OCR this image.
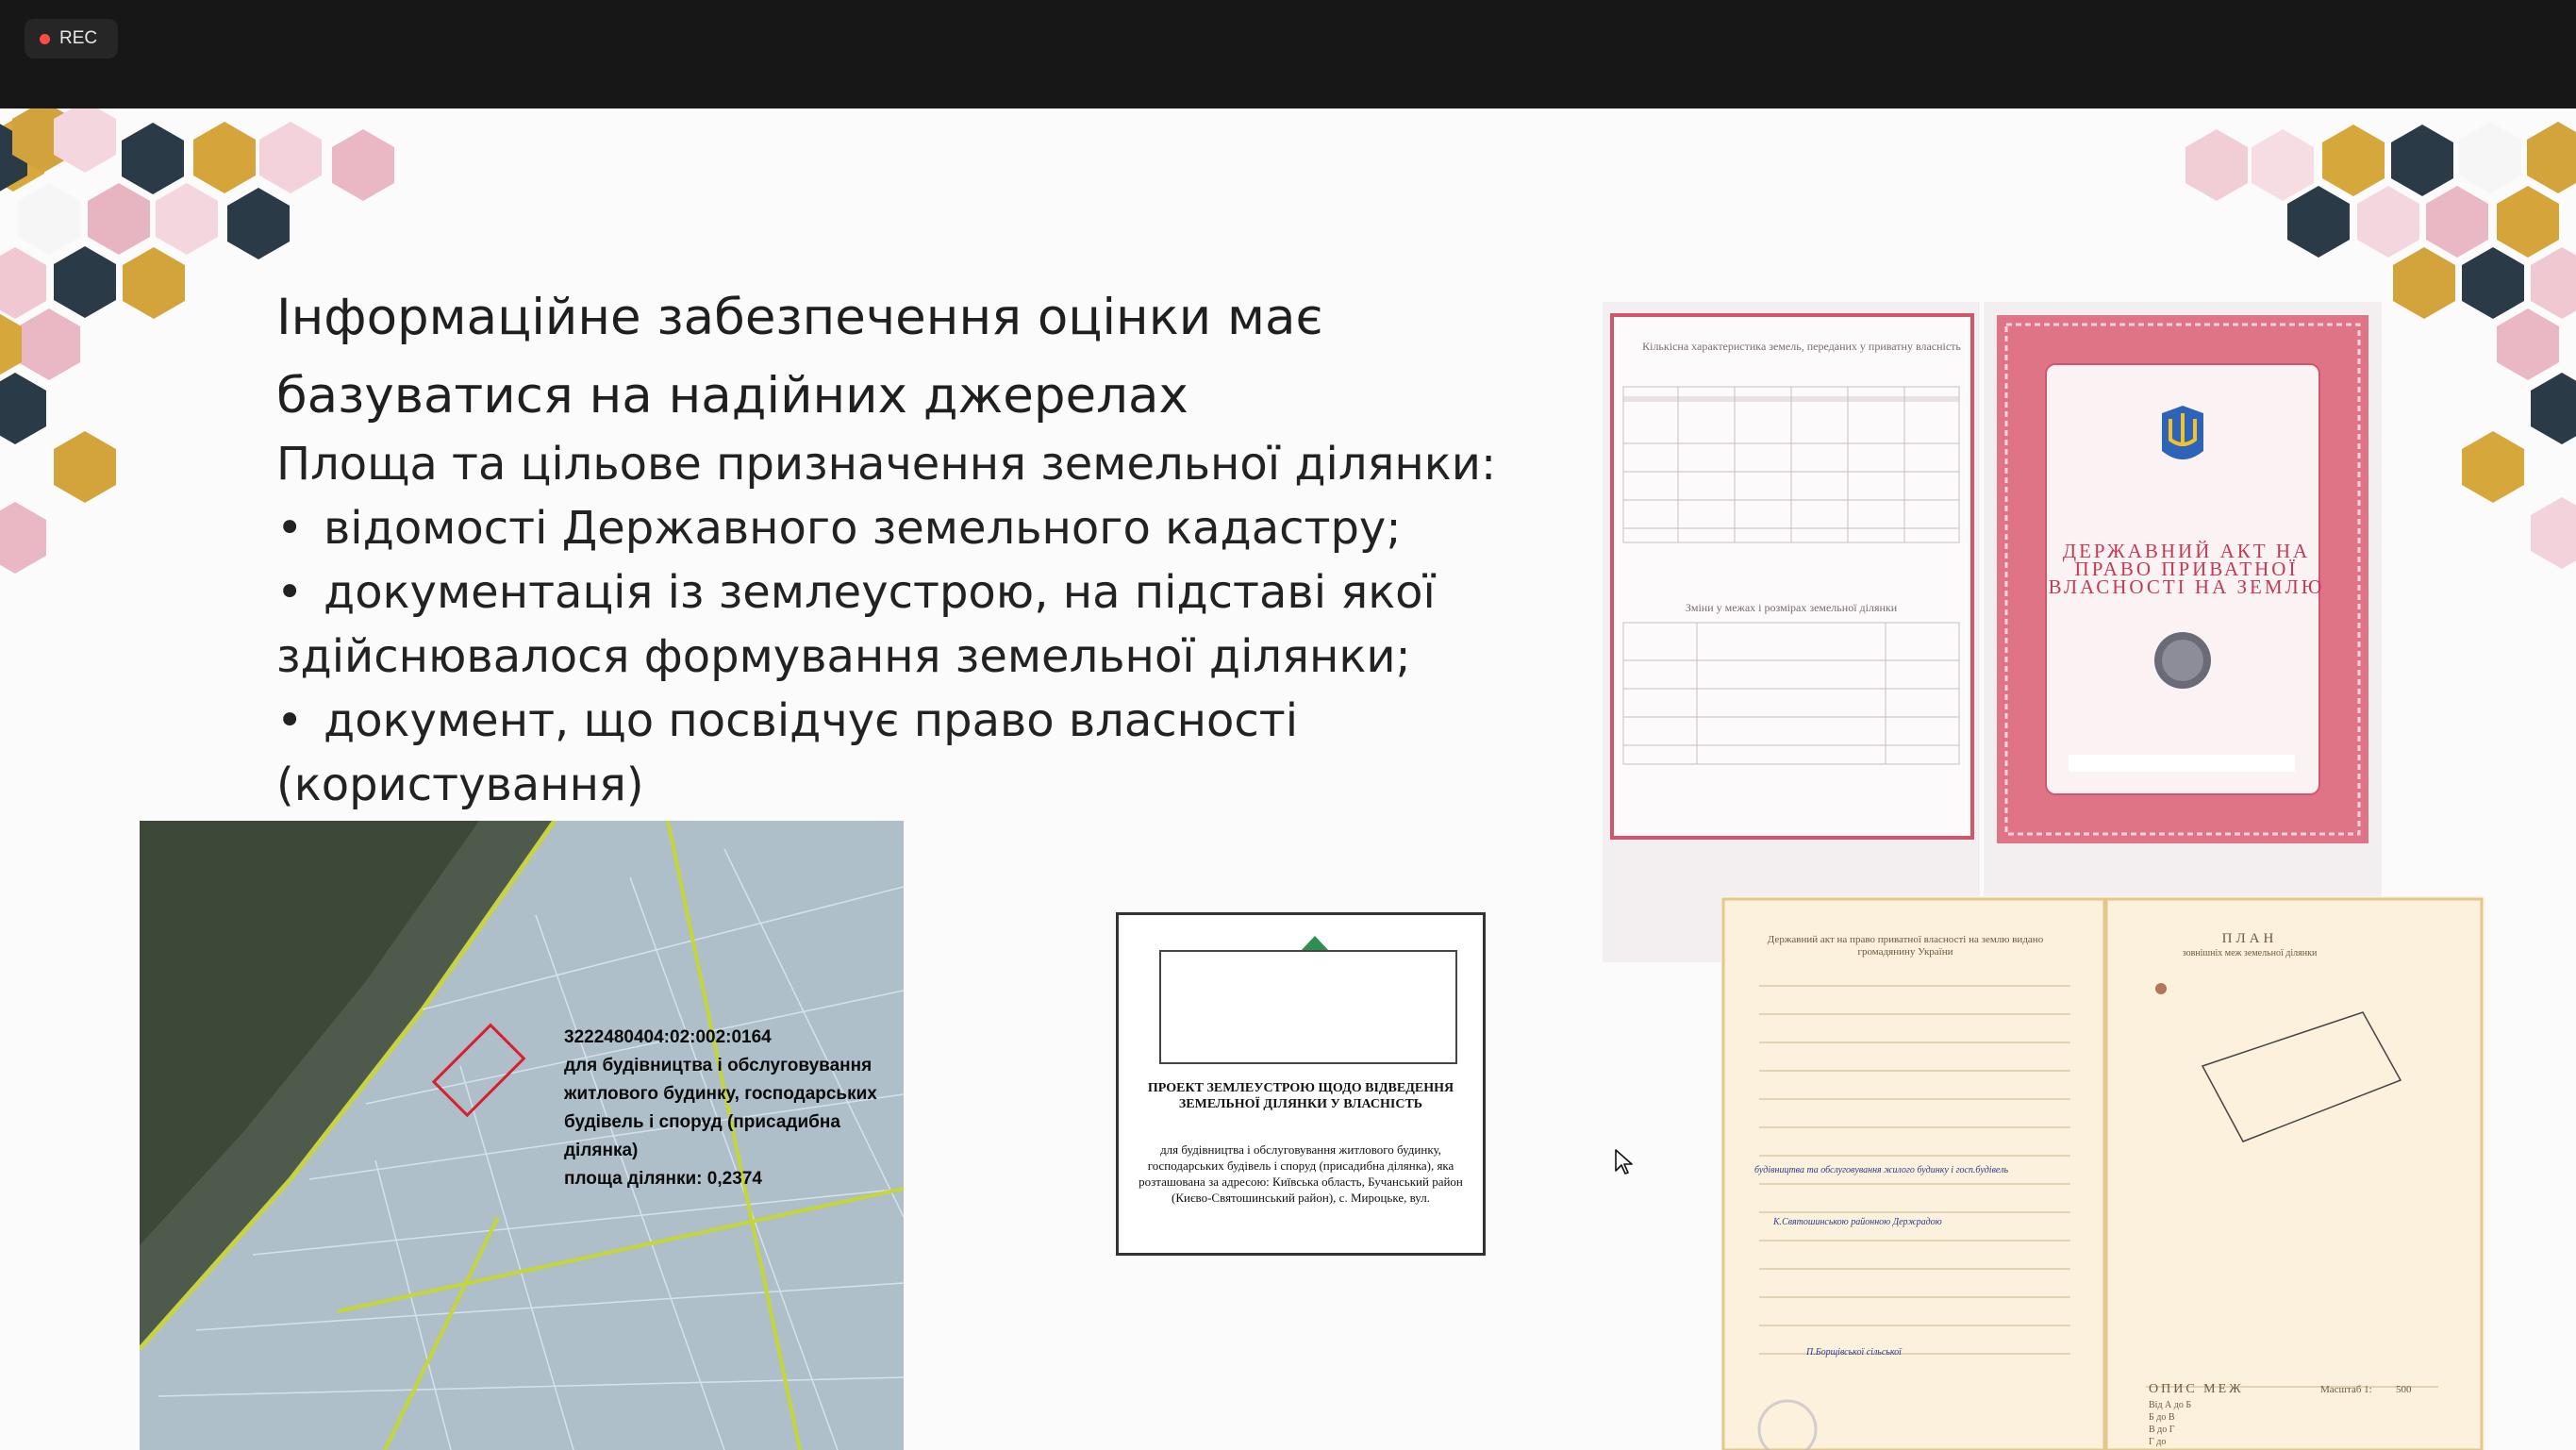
REC
Зміни у межах і розмірах земельної ділянки
Кількісна характеристика земель, переданих у приватну власність
ДЕРЖАВНИЙ АКТ НА ПРАВО ПРИВАТНОЇ ВЛАСНОСТІ НА ЗЕМЛЮ
Інформаційне забезпечення оцінки має
базуватися на надійних джерелах
Площа та цільове призначення земельної ділянки:
• відомості Державного земельного кадастру;
• документація із землеустрою, на підставі якої
здійснювалося формування земельної ділянки;
• документ, що посвідчує право власності (користування)
3222480404:02:002:0164
для будівництва і обслуговування житлового будинку, господарських будівель і споруд (присадибна ділянка)
площа ділянки: 0,2374
ПРОЕКТ ЗЕМЛЕУСТРОЮ ЩОДО ВІДВЕДЕННЯ ЗЕМЕЛЬНОЇ ДІЛЯНКИ У ВЛАСНІСТЬ
для будівництва і обслуговування житлового будинку, господарських будівель і споруд (присадибна ділянка), яка розташована за адресою: Київська область, Бучанський район (Києво-Святошинський район), с. Мироцьке, вул.
Державний акт на право приватної власності на землю видано громадянину України
ПЛАН
зовнішніх меж земельної ділянки
будівництва та обслуговування жилого будинку і госп.будівель
К.Святошинською районною Держрадою
П.Борщівської сільської
ОПИС МЕЖ	Масштаб 1:	500
Від А до Б
Б до В
В до Г
Г до
